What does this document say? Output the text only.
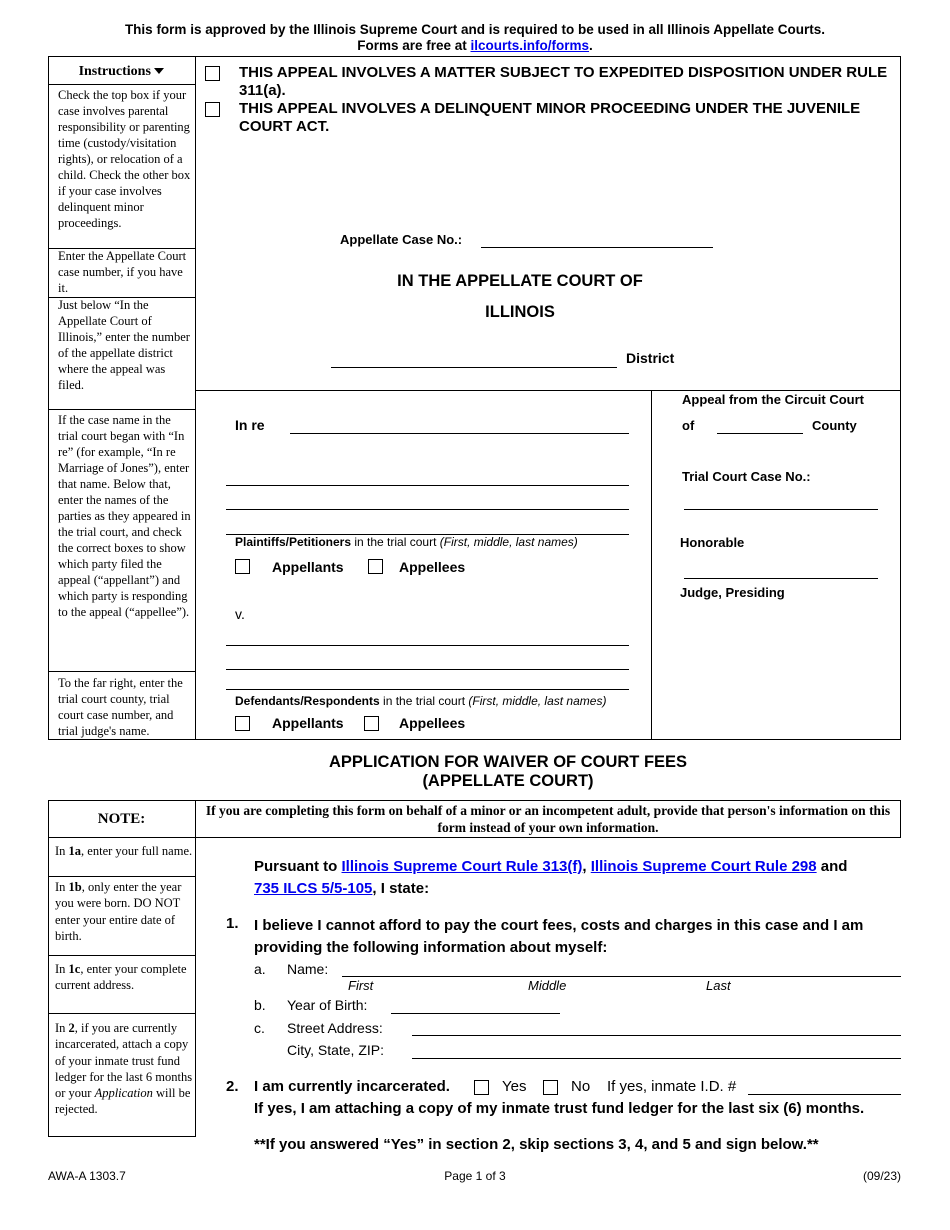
This form is approved by the Illinois Supreme Court and is required to be used in all Illinois Appellate Courts.
Forms are free at ilcourts.info/forms.
Instructions
Check the top box if your case involves parental responsibility or parenting time (custody/visitation rights), or relocation of a child. Check the other box if your case involves delinquent minor proceedings.
Enter the Appellate Court case number, if you have it.
Just below “In the Appellate Court of Illinois,” enter the number of the appellate district where the appeal was filed.
If the case name in the trial court began with “In re” (for example, “In re Marriage of Jones”), enter that name. Below that, enter the names of the parties as they appeared in the trial court, and check the correct boxes to show which party filed the appeal (“appellant”) and which party is responding to the appeal (“appellee”).
To the far right, enter the trial court county, trial court case number, and trial judge's name.
THIS APPEAL INVOLVES A MATTER SUBJECT TO EXPEDITED DISPOSITION UNDER RULE 311(a).
THIS APPEAL INVOLVES A DELINQUENT MINOR PROCEEDING UNDER THE JUVENILE COURT ACT.
Appellate Case No.:
IN THE APPELLATE COURT OF
ILLINOIS
District
In re
Plaintiffs/Petitioners in the trial court (First, middle, last names)
Appellants	Appellees
v.
Defendants/Respondents in the trial court (First, middle, last names)
Appellants	Appellees
Appeal from the Circuit Court
of	County
Trial Court Case No.:
Honorable
Judge, Presiding
APPLICATION FOR WAIVER OF COURT FEES
(APPELLATE COURT)
NOTE:
If you are completing this form on behalf of a minor or an incompetent adult, provide that person's information on this form instead of your own information.
In 1a, enter your full name.
In 1b, only enter the year you were born. DO NOT enter your entire date of birth.
In 1c, enter your complete current address.
In 2, if you are currently incarcerated, attach a copy of your inmate trust fund ledger for the last 6 months or your Application will be rejected.
Pursuant to Illinois Supreme Court Rule 313(f), Illinois Supreme Court Rule 298 and
735 ILCS 5/5-105, I state:
1. I believe I cannot afford to pay the court fees, costs and charges in this case and I am providing the following information about myself:
a. Name:
First	Middle	Last
b. Year of Birth:
c. Street Address:
City, State, ZIP:
2. I am currently incarcerated.	Yes	No If yes, inmate I.D. #
If yes, I am attaching a copy of my inmate trust fund ledger for the last six (6) months.
**If you answered “Yes” in section 2, skip sections 3, 4, and 5 and sign below.**
AWA-A 1303.7	Page 1 of 3	(09/23)
